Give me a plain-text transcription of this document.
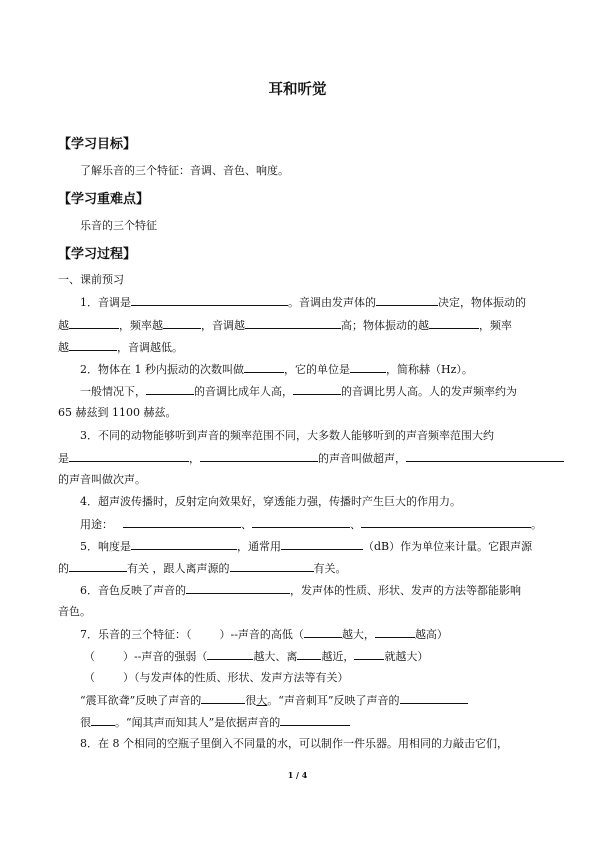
耳和听觉
【学习目标】
了解乐音的三个特征：音调、音色、响度。
【学习重难点】
乐音的三个特征
【学习过程】
一、课前预习
1．音调是	。音调由发声体的	决定，物体振动的
越	，频率越	，音调越	高；物体振动的越	，频率
越	，音调越低。
2．物体在 1 秒内振动的次数叫做	，它的单位是	，简称赫（Hz）。
一般情况下，	的音调比成年人高，	的音调比男人高。人的发声频率约为
65 赫兹到 1100 赫兹。
3．不同的动物能够听到声音的频率范围不同，大多数人能够听到的声音频率范围大约
是	，	的声音叫做超声，
的声音叫做次声。
4．超声波传播时，反射定向效果好，穿透能力强，传播时产生巨大的作用力。
用途：	、	、	。
5．响度是	，通常用	（dB）作为单位来计量。它跟声源
的	有关 ，跟人离声源的	有关。
6．音色反映了声音的	，发声体的性质、形状、发声的方法等都能影响
音色。
7．乐音的三个特征：（	）--声音的高低（	越大，	越高）
（	）--声音的强弱（	越大、离 越近，	就越大）
（	）（与发声体的性质、形状、发声方法等有关）
“震耳欲聋”反映了声音的	很大。“声音刺耳”反映了声音的
很 。“闻其声而知其人”是依据声音的
8．在 8 个相同的空瓶子里倒入不同量的水，可以制作一件乐器。用相同的力敲击它们，
1 / 4
